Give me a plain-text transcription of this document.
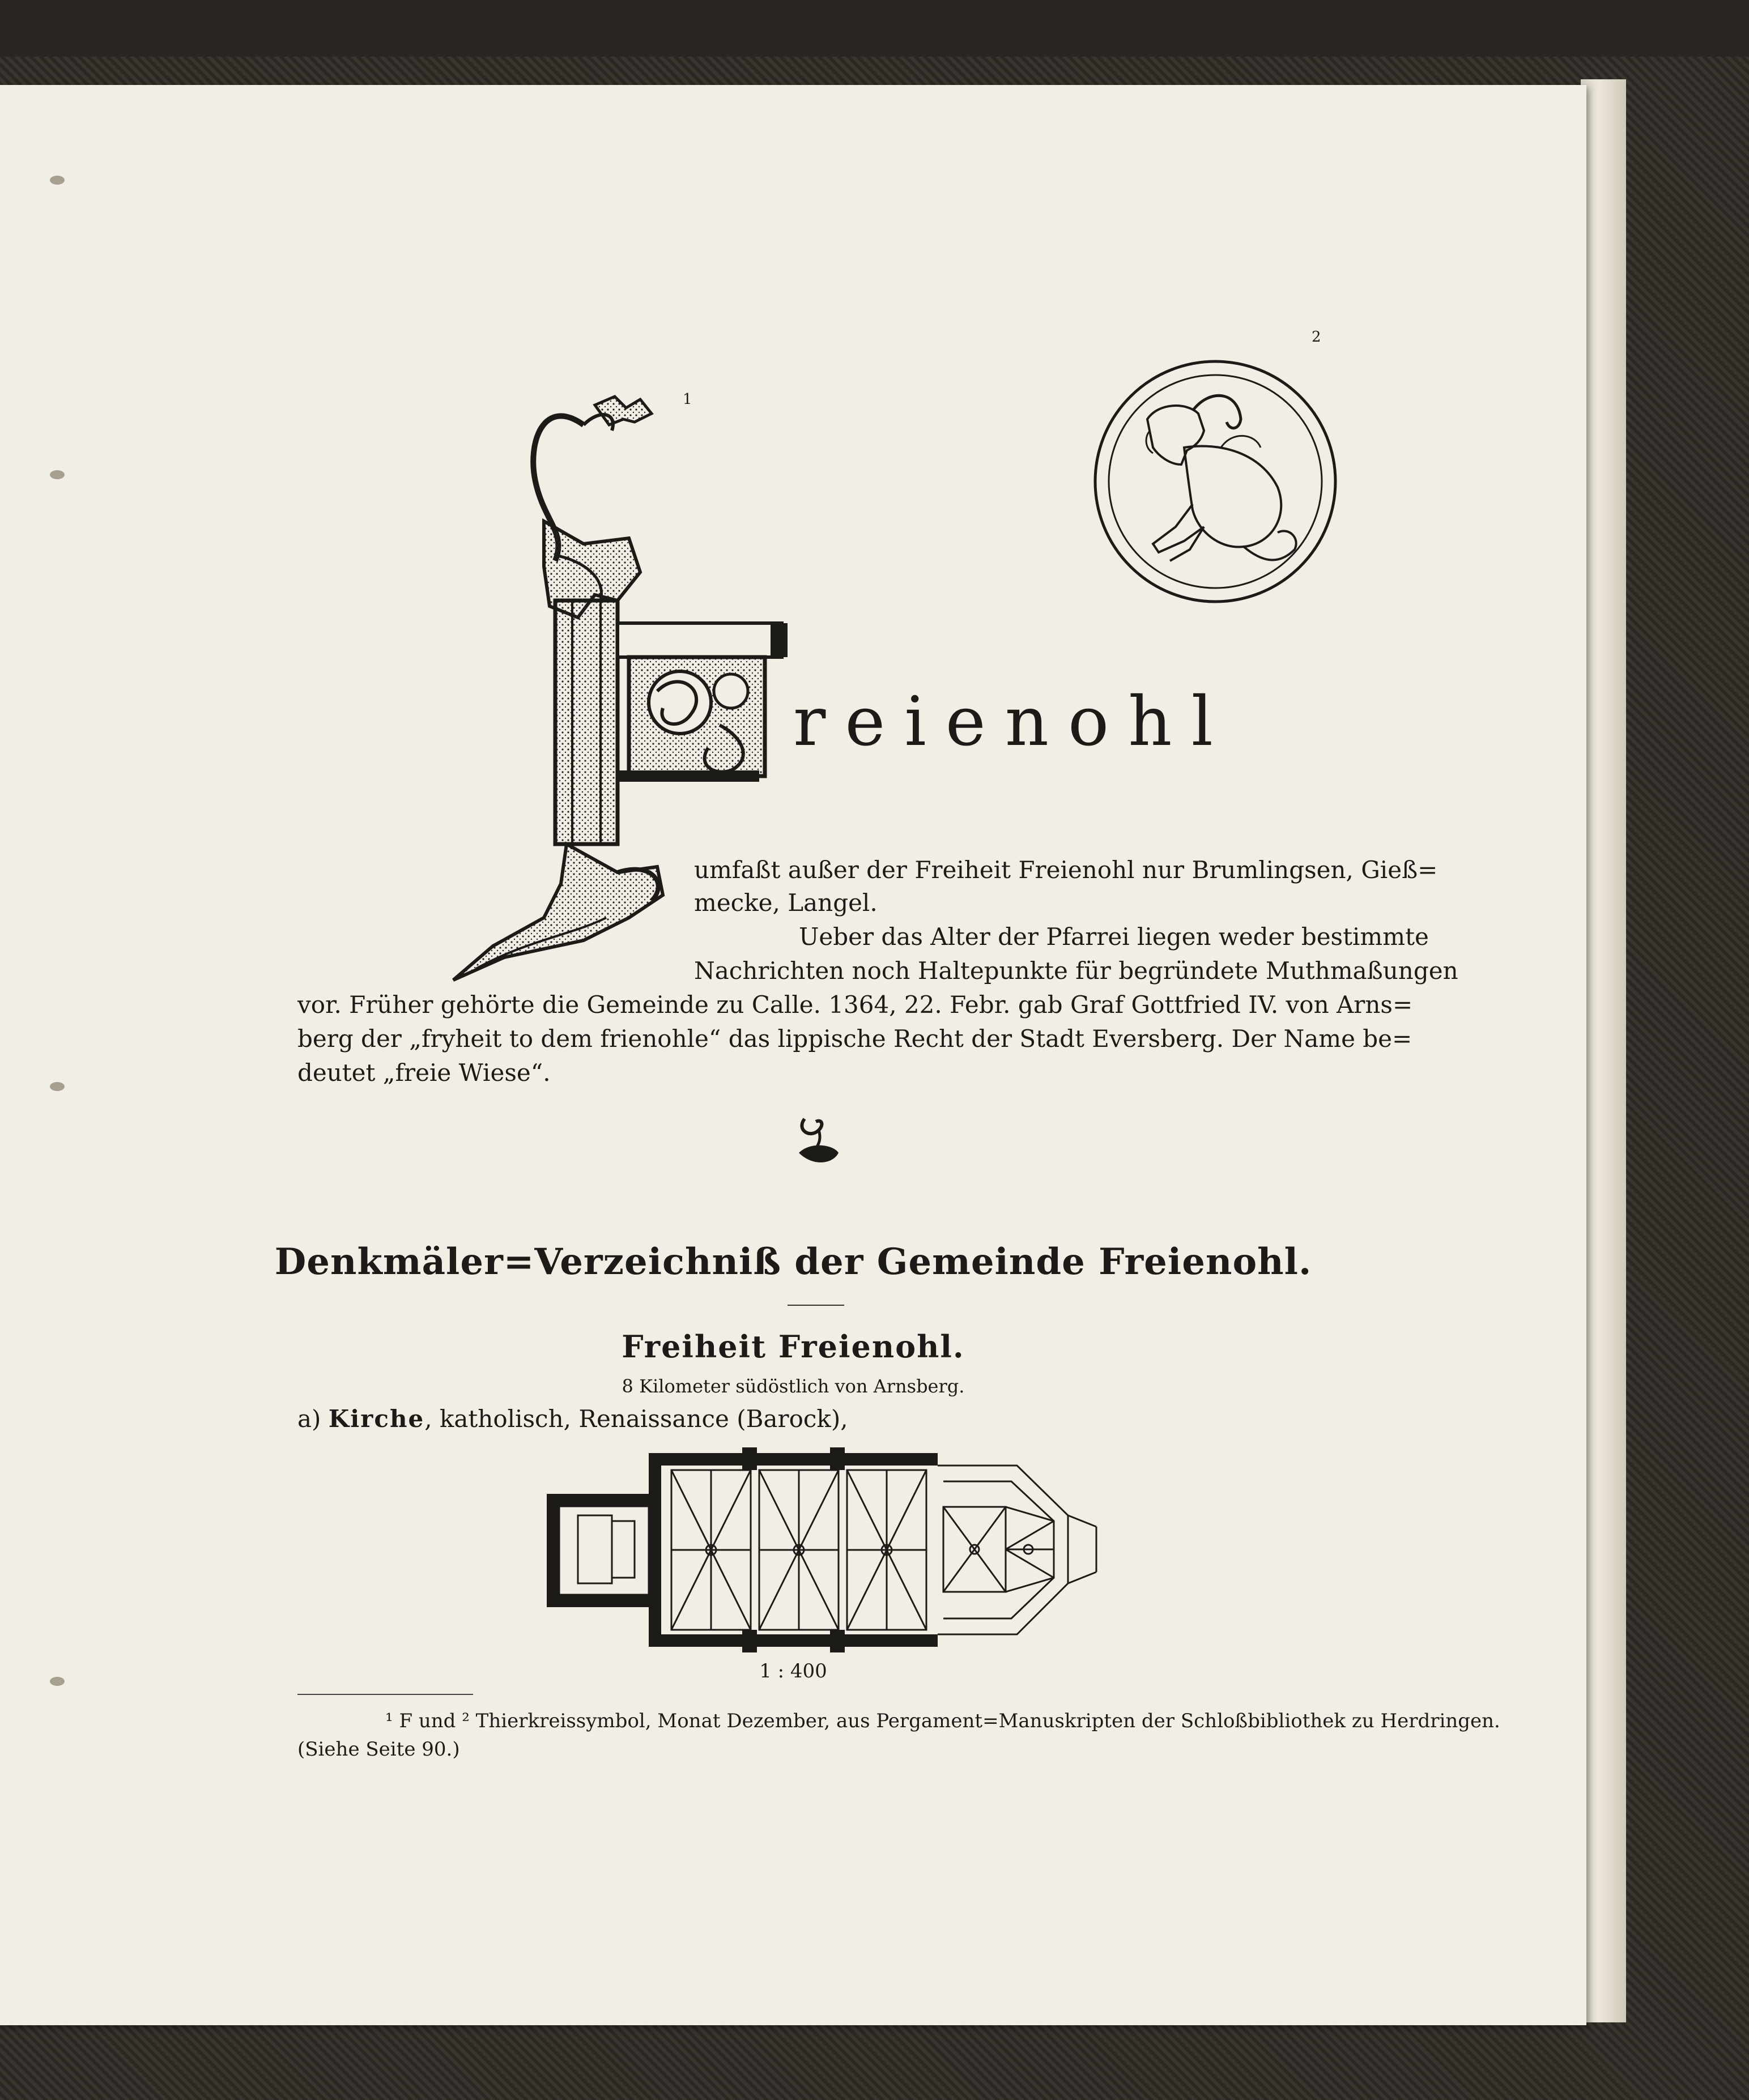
1
2
reienohl

umfaßt außer der Freiheit Freienohl nur Brumlingsen, Gieß=

mecke, Langel.

Ueber das Alter der Pfarrei liegen weder bestimmte

Nachrichten noch Haltepunkte für begründete Muthmaßungen

vor. Früher gehörte die Gemeinde zu Calle. 1364, 22. Febr. gab Graf Gottfried IV. von Arns=

berg der „fryheit to dem frienohle“ das lippische Recht der Stadt Eversberg. Der Name be=

deutet „freie Wiese“.

Denkmäler=Verzeichniß der Gemeinde Freienohl.
Freiheit Freienohl.
8 Kilometer südöstlich von Arnsberg.
a) Kirche, katholisch, Renaissance (Barock),
1 : 400
¹ F und ² Thierkreissymbol, Monat Dezember, aus Pergament=Manuskripten der Schloßbibliothek zu Herdringen.
(Siehe Seite 90.)
